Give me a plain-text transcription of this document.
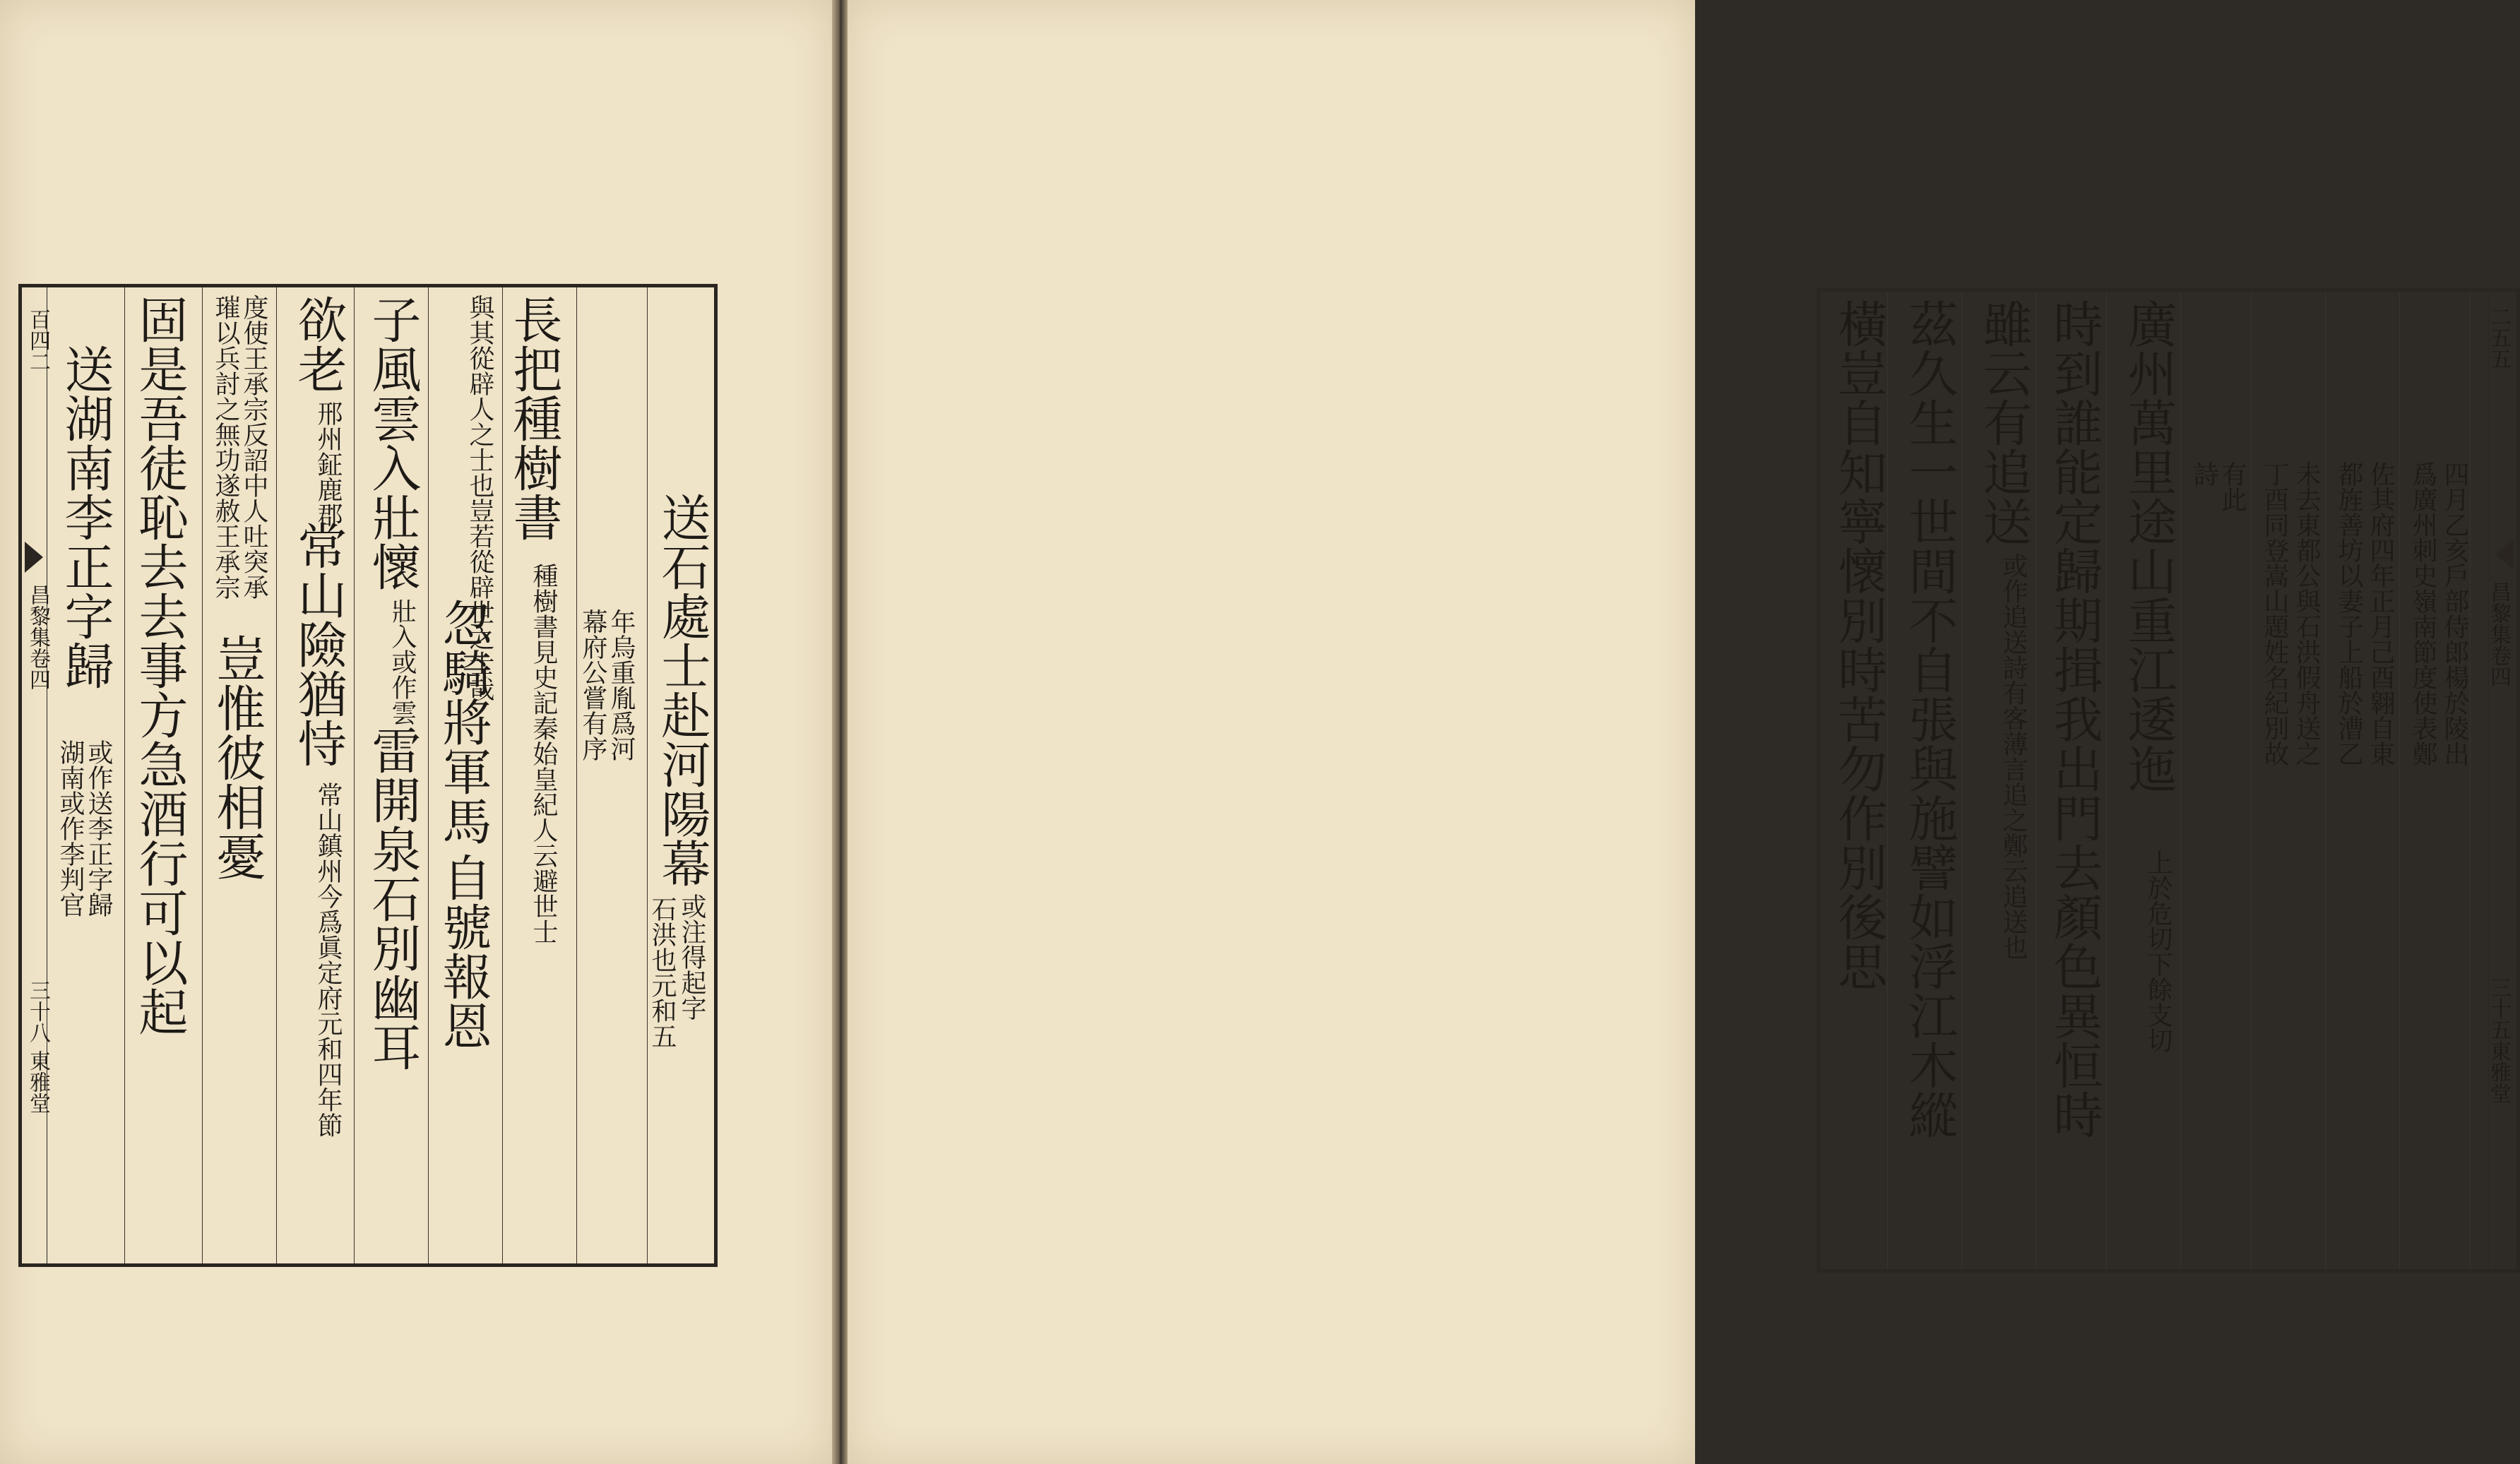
百四二
昌黎集卷四
三十八
東雅堂
送石處士赴河陽幕
或注得起字
石洪也元和五
年烏重胤爲河
幕府公嘗有序
長把種樹書
種樹書見史記秦始皇紀人云避世士
與其從辟人之士也豈若從辟世之士哉
忽騎將軍馬
自號報恩
子風雲入壯懷
壯入或作雲
雷開泉石別幽耳
欲老
邢州鉦鹿郡
常山險猶恃
常山鎮州今爲眞定府元和四年節
度使王承宗反詔中人吐突承
璀以兵討之無功遂赦王承宗
豈惟彼相憂
固是吾徒恥去去事方急酒行可以起
送湖南李正字歸
或作送李正字歸
湖南或作李判官
二五五
昌黎集卷四
三十五
東雅堂
四月乙亥戶部侍郎楊於陵出
爲廣州刺史嶺南節度使表鄭
佐其府四年正月己酉翱自東
都旌善坊以妻子上船於漕乙
未去東都公與石洪假舟送之
丁酉同登嵩山題姓名紀別故
有此
詩
廣州萬里途山重江逶迤
上於危切下餘支切
時到誰能定歸期揖我出門去顏色異恒時
雖云有追送
或作追送詩有客薄言追之鄭云追送也
茲久生一世間不自張與施譬如浮江木縱
橫豈自知寧懷別時苦勿作別後思
